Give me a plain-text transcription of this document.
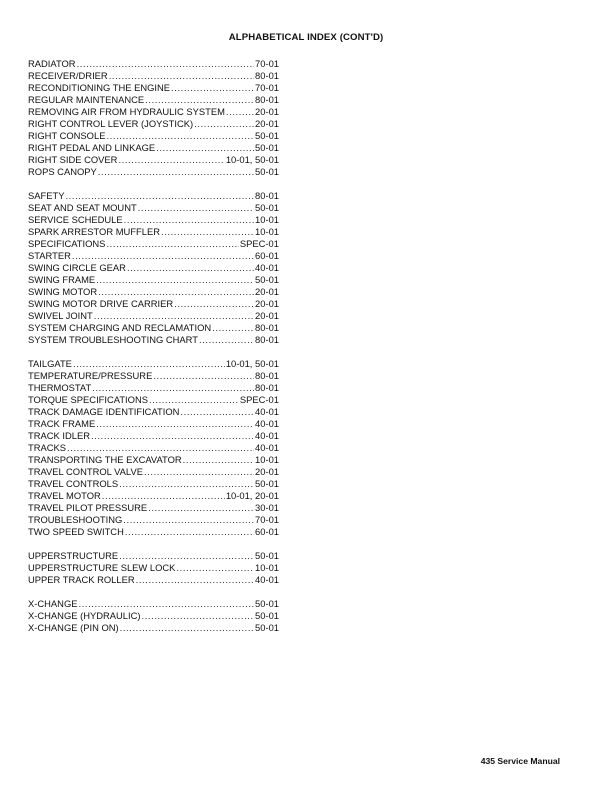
ALPHABETICAL INDEX (CONT'D)
RADIATOR .....	70-01
RECEIVER/DRIER .....	80-01
RECONDITIONING THE ENGINE .....	70-01
REGULAR MAINTENANCE .....	80-01
REMOVING AIR FROM HYDRAULIC SYSTEM .....	20-01
RIGHT CONTROL LEVER (JOYSTICK) .....	20-01
RIGHT CONSOLE .....	50-01
RIGHT PEDAL AND LINKAGE .....	50-01
RIGHT SIDE COVER .....	10-01, 50-01
ROPS CANOPY .....	50-01
SAFETY .....	80-01
SEAT AND SEAT MOUNT .....	50-01
SERVICE SCHEDULE .....	10-01
SPARK ARRESTOR MUFFLER .....	10-01
SPECIFICATIONS .....	SPEC-01
STARTER .....	60-01
SWING CIRCLE GEAR .....	40-01
SWING FRAME .....	50-01
SWING MOTOR .....	20-01
SWING MOTOR DRIVE CARRIER .....	20-01
SWIVEL JOINT .....	20-01
SYSTEM CHARGING AND RECLAMATION .....	80-01
SYSTEM TROUBLESHOOTING CHART .....	80-01
TAILGATE .....	10-01, 50-01
TEMPERATURE/PRESSURE .....	80-01
THERMOSTAT .....	80-01
TORQUE SPECIFICATIONS .....	SPEC-01
TRACK DAMAGE IDENTIFICATION .....	40-01
TRACK FRAME .....	40-01
TRACK IDLER .....	40-01
TRACKS .....	40-01
TRANSPORTING THE EXCAVATOR .....	10-01
TRAVEL CONTROL VALVE .....	20-01
TRAVEL CONTROLS .....	50-01
TRAVEL MOTOR .....	10-01, 20-01
TRAVEL PILOT PRESSURE .....	30-01
TROUBLESHOOTING .....	70-01
TWO SPEED SWITCH .....	60-01
UPPERSTRUCTURE .....	50-01
UPPERSTRUCTURE SLEW LOCK .....	10-01
UPPER TRACK ROLLER .....	40-01
X-CHANGE .....	50-01
X-CHANGE (HYDRAULIC) .....	50-01
X-CHANGE (PIN ON) .....	50-01
435 Service Manual
